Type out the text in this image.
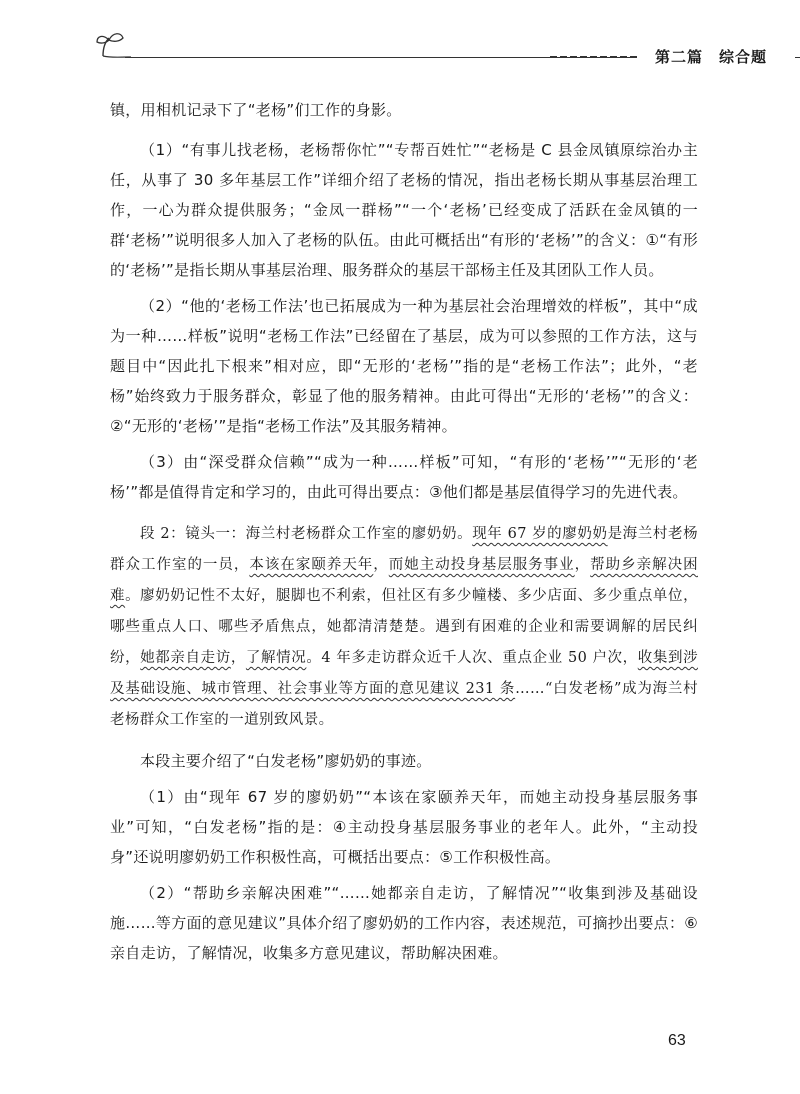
第二篇　综合题

镇，用相机记录下了“老杨”们工作的身影。

（1）“有事儿找老杨，老杨帮你忙”“专帮百姓忙”“老杨是 C 县金凤镇原综治办主任，从事了 30 多年基层工作”详细介绍了老杨的情况，指出老杨长期从事基层治理工作，一心为群众提供服务；“金凤一群杨”“一个‘老杨’已经变成了活跃在金凤镇的一群‘老杨’”说明很多人加入了老杨的队伍。由此可概括出“有形的‘老杨’”的含义：①“有形的‘老杨’”是指长期从事基层治理、服务群众的基层干部杨主任及其团队工作人员。

（2）“他的‘老杨工作法’也已拓展成为一种为基层社会治理增效的样板”，其中“成为一种……样板”说明“老杨工作法”已经留在了基层，成为可以参照的工作方法，这与题目中“因此扎下根来”相对应，即“无形的‘老杨’”指的是“老杨工作法”；此外，“老杨”始终致力于服务群众，彰显了他的服务精神。由此可得出“无形的‘老杨’”的含义：②“无形的‘老杨’”是指“老杨工作法”及其服务精神。

（3）由“深受群众信赖”“成为一种……样板”可知，“有形的‘老杨’”“无形的‘老杨’”都是值得肯定和学习的，由此可得出要点：③他们都是基层值得学习的先进代表。

段 2：镜头一：海兰村老杨群众工作室的廖奶奶。现年 67 岁的廖奶奶是海兰村老杨群众工作室的一员，本该在家颐养天年，而她主动投身基层服务事业，帮助乡亲解决困难。廖奶奶记性不太好，腿脚也不利索，但社区有多少幢楼、多少店面、多少重点单位，哪些重点人口、哪些矛盾焦点，她都清清楚楚。遇到有困难的企业和需要调解的居民纠纷，她都亲自走访，了解情况。4 年多走访群众近千人次、重点企业 50 户次，收集到涉及基础设施、城市管理、社会事业等方面的意见建议 231 条……“白发老杨”成为海兰村老杨群众工作室的一道别致风景。

本段主要介绍了“白发老杨”廖奶奶的事迹。

（1）由“现年 67 岁的廖奶奶”“本该在家颐养天年，而她主动投身基层服务事业”可知，“白发老杨”指的是：④主动投身基层服务事业的老年人。此外，“主动投身”还说明廖奶奶工作积极性高，可概括出要点：⑤工作积极性高。

（2）“帮助乡亲解决困难”“……她都亲自走访，了解情况”“收集到涉及基础设施……等方面的意见建议”具体介绍了廖奶奶的工作内容，表述规范，可摘抄出要点：⑥亲自走访，了解情况，收集多方意见建议，帮助解决困难。

63
